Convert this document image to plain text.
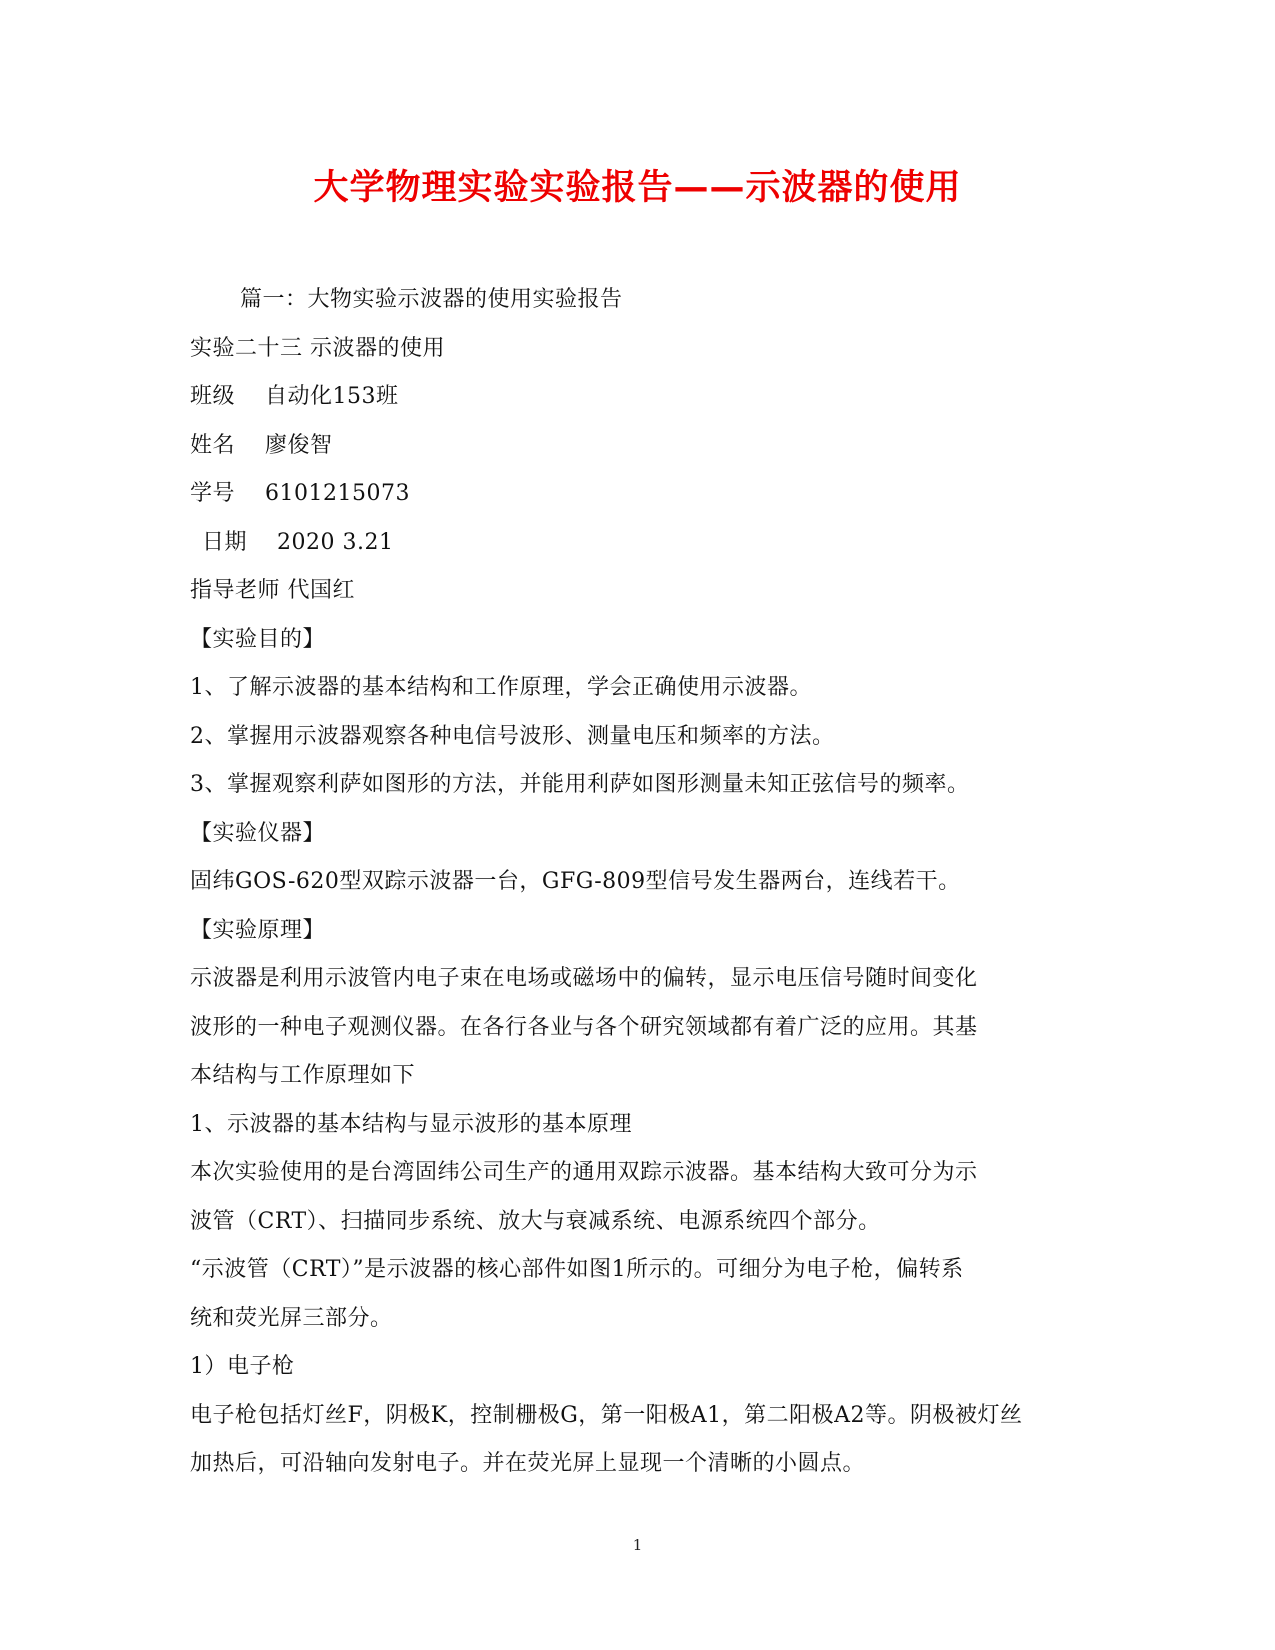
大学物理实验实验报告——示波器的使用
篇一：大物实验示波器的使用实验报告
实验二十三 示波器的使用
班级　 自动化153班
姓名　 廖俊智
学号　 6101215073
日期　 2020 3.21
指导老师 代国红
【实验目的】
1、了解示波器的基本结构和工作原理，学会正确使用示波器。
2、掌握用示波器观察各种电信号波形、测量电压和频率的方法。
3、掌握观察利萨如图形的方法，并能用利萨如图形测量未知正弦信号的频率。
【实验仪器】
固纬GOS-620型双踪示波器一台，GFG-809型信号发生器两台，连线若干。
【实验原理】
示波器是利用示波管内电子束在电场或磁场中的偏转，显示电压信号随时间变化
波形的一种电子观测仪器。在各行各业与各个研究领域都有着广泛的应用。其基
本结构与工作原理如下
1、示波器的基本结构与显示波形的基本原理
本次实验使用的是台湾固纬公司生产的通用双踪示波器。基本结构大致可分为示
波管（CRT）、扫描同步系统、放大与衰减系统、电源系统四个部分。
“示波管（CRT）”是示波器的核心部件如图1所示的。可细分为电子枪，偏转系
统和荧光屏三部分。
1）电子枪
电子枪包括灯丝F，阴极K，控制栅极G，第一阳极A1，第二阳极A2等。阴极被灯丝
加热后，可沿轴向发射电子。并在荧光屏上显现一个清晰的小圆点。
1
